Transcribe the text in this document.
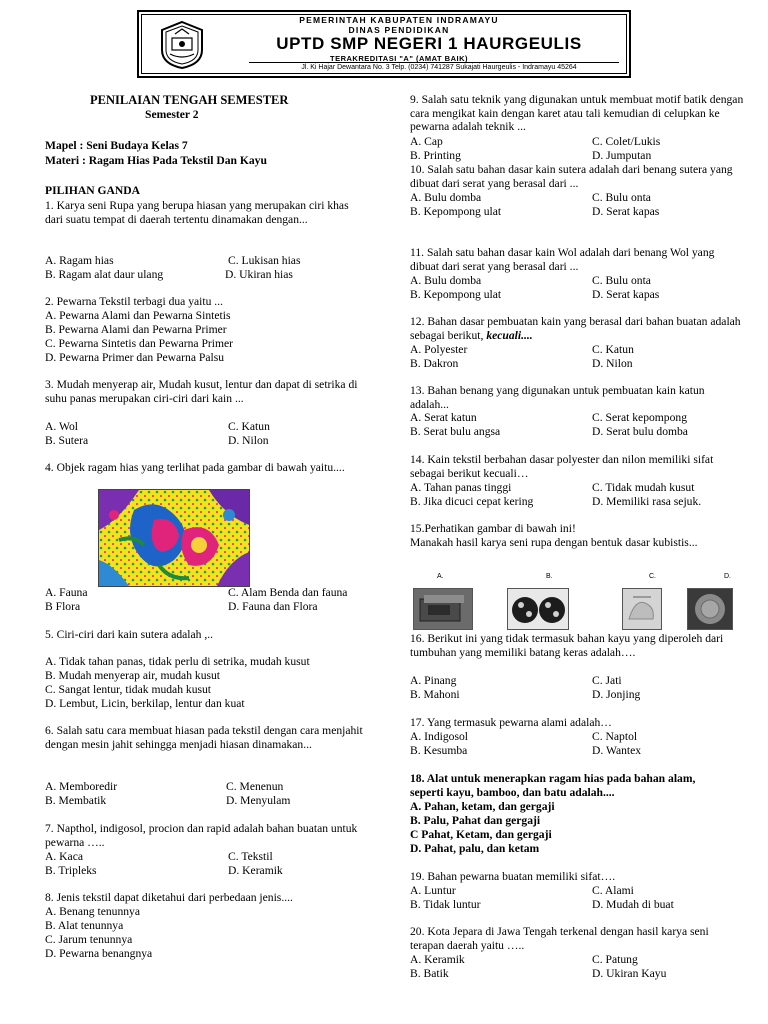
PEMERINTAH KABUPATEN INDRAMAYU
DINAS PENDIDIKAN
UPTD SMP NEGERI 1 HAURGEULIS
TERAKREDITASI "A" (AMAT BAIK)
Jl. Ki Hajar Dewantara No. 3 Telp. (0234) 741287 Sukajati Haurgeulis - Indramayu 45264
PENILAIAN TENGAH SEMESTER
Semester 2
Mapel : Seni Budaya Kelas 7
Materi : Ragam Hias Pada Tekstil Dan Kayu
PILIHAN GANDA
1. Karya seni Rupa yang berupa hiasan yang merupakan ciri khas dari suatu tempat di daerah tertentu dinamakan dengan...
A. Ragam hias	C. Lukisan hias
B. Ragam alat daur ulang	D. Ukiran hias
2. Pewarna Tekstil terbagi dua yaitu ...
A. Pewarna Alami dan Pewarna Sintetis
B. Pewarna Alami dan Pewarna Primer
C. Pewarna Sintetis dan Pewarna Primer
D. Pewarna Primer dan Pewarna Palsu
3. Mudah menyerap air, Mudah kusut, lentur dan dapat di setrika di suhu panas merupakan ciri-ciri dari kain ...
A. Wol	C. Katun
B. Sutera	D. Nilon
4. Objek ragam hias yang terlihat pada gambar di bawah yaitu....
A. Fauna	C. Alam Benda dan fauna
B Flora	D. Fauna dan Flora
5. Ciri-ciri dari kain sutera adalah ,..
A. Tidak tahan panas, tidak perlu di setrika, mudah kusut
B. Mudah menyerap air, mudah kusut
C. Sangat lentur, tidak mudah kusut
D. Lembut, Licin, berkilap, lentur dan kuat
6. Salah satu cara membuat hiasan pada tekstil dengan cara menjahit dengan mesin jahit sehingga menjadi hiasan dinamakan...
A. Memboredir	C. Menenun
B. Membatik	D. Menyulam
7. Napthol, indigosol, procion dan rapid adalah bahan buatan untuk pewarna …..
A. Kaca	C. Tekstil
B. Tripleks	D. Keramik
8. Jenis tekstil dapat diketahui dari perbedaan jenis....
A. Benang tenunnya
B. Alat tenunnya
C. Jarum tenunnya
D. Pewarna benangnya
9. Salah satu teknik yang digunakan untuk membuat motif batik dengan cara mengikat kain dengan karet atau tali kemudian di celupkan ke pewarna adalah teknik ...
A. Cap	C. Colet/Lukis
B. Printing	D. Jumputan
10. Salah satu bahan dasar kain sutera adalah dari benang sutera yang dibuat dari serat yang berasal dari ...
A. Bulu domba	C. Bulu onta
B. Kepompong ulat	D. Serat kapas
11. Salah satu bahan dasar kain Wol adalah dari benang Wol yang dibuat dari serat yang berasal dari ...
A. Bulu domba	C. Bulu onta
B. Kepompong ulat	D. Serat kapas
12. Bahan dasar pembuatan kain yang berasal dari bahan buatan adalah sebagai berikut, kecuali....
A. Polyester	C. Katun
B. Dakron	D. Nilon
13. Bahan benang yang digunakan untuk pembuatan kain katun adalah...
A. Serat katun	C. Serat kepompong
B. Serat bulu angsa	D. Serat bulu domba
14. Kain tekstil berbahan dasar polyester dan nilon memiliki sifat sebagai berikut kecuali…
A. Tahan panas tinggi	C. Tidak mudah kusut
B. Jika dicuci cepat kering	D. Memiliki rasa sejuk.
15.Perhatikan gambar di bawah ini!
Manakah hasil karya seni rupa dengan bentuk dasar kubistis...
A.	B.	C.	D.
16. Berikut ini yang tidak termasuk bahan kayu yang diperoleh dari tumbuhan yang memiliki batang keras adalah….
A. Pinang	C. Jati
B. Mahoni	D. Jonjing
17. Yang termasuk pewarna alami adalah…
A. Indigosol	C. Naptol
B. Kesumba	D. Wantex
18. Alat untuk menerapkan ragam hias pada bahan alam, seperti kayu, bamboo, dan batu adalah....
A. Pahan, ketam, dan gergaji
B. Palu, Pahat dan gergaji
C Pahat, Ketam, dan gergaji
D. Pahat, palu, dan ketam
19. Bahan pewarna buatan memiliki sifat….
A. Luntur	C. Alami
B. Tidak luntur	D. Mudah di buat
20. Kota Jepara di Jawa Tengah terkenal dengan hasil karya seni terapan daerah yaitu …..
A. Keramik	C. Patung
B. Batik	D. Ukiran Kayu
